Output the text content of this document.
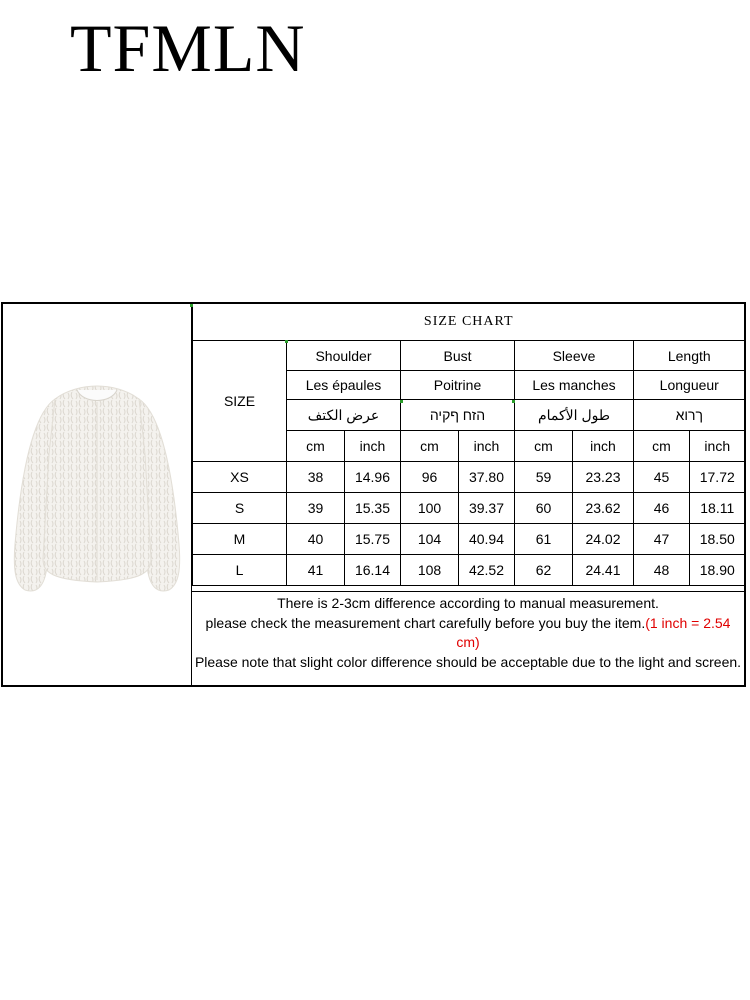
TFMLN
SIZE CHART								
SIZE	Shoulder		Bust		Sleeve		Length	
	Les épaules		Poitrine		Les manches		Longueur	
	عرض الكتف		הזח ףקיה		طول الأكمام		ךרוא	
	cm	inch	cm	inch	cm	inch	cm	inch
XS	38	14.96	96	37.80	59	23.23	45	17.72
S	39	15.35	100	39.37	60	23.62	46	18.11
M	40	15.75	104	40.94	61	24.02	47	18.50
L	41	16.14	108	42.52	62	24.41	48	18.90
There is 2-3cm difference according to manual measurement.
please check the measurement chart carefully before you buy the item.(1 inch = 2.54 cm)
Please note that slight color difference should be acceptable due to the light and screen.
